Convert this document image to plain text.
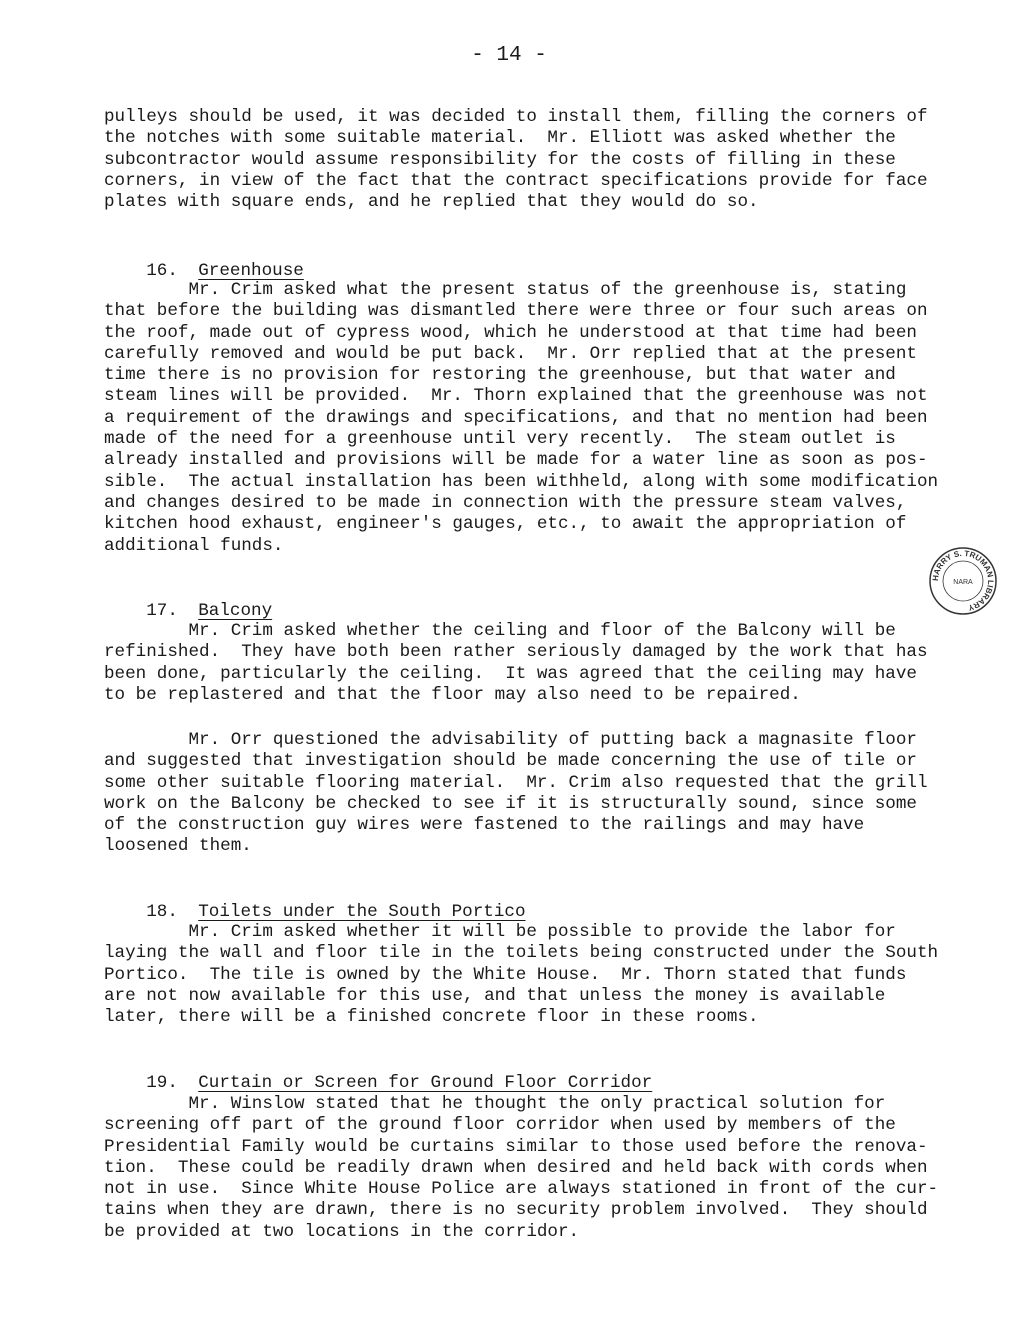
- 14 -
pulleys should be used, it was decided to install them, filling the corners of
the notches with some suitable material.  Mr. Elliott was asked whether the
subcontractor would assume responsibility for the costs of filling in these
corners, in view of the fact that the contract specifications provide for face
plates with square ends, and he replied that they would do so.

16. Greenhouse

Mr. Crim asked what the present status of the greenhouse is, stating
that before the building was dismantled there were three or four such areas on
the roof, made out of cypress wood, which he understood at that time had been
carefully removed and would be put back.  Mr. Orr replied that at the present
time there is no provision for restoring the greenhouse, but that water and
steam lines will be provided.  Mr. Thorn explained that the greenhouse was not
a requirement of the drawings and specifications, and that no mention had been
made of the need for a greenhouse until very recently.  The steam outlet is
already installed and provisions will be made for a water line as soon as pos-
sible.  The actual installation has been withheld, along with some modification
and changes desired to be made in connection with the pressure steam valves,
kitchen hood exhaust, engineer's gauges, etc., to await the appropriation of
additional funds.

17. Balcony

Mr. Crim asked whether the ceiling and floor of the Balcony will be
refinished.  They have both been rather seriously damaged by the work that has
been done, particularly the ceiling.  It was agreed that the ceiling may have
to be replastered and that the floor may also need to be repaired.
Mr. Orr questioned the advisability of putting back a magnasite floor
and suggested that investigation should be made concerning the use of tile or
some other suitable flooring material.  Mr. Crim also requested that the grill
work on the Balcony be checked to see if it is structurally sound, since some
of the construction guy wires were fastened to the railings and may have
loosened them.

18. Toilets under the South Portico

Mr. Crim asked whether it will be possible to provide the labor for
laying the wall and floor tile in the toilets being constructed under the South
Portico.  The tile is owned by the White House.  Mr. Thorn stated that funds
are not now available for this use, and that unless the money is available
later, there will be a finished concrete floor in these rooms.

19. Curtain or Screen for Ground Floor Corridor

Mr. Winslow stated that he thought the only practical solution for
screening off part of the ground floor corridor when used by members of the
Presidential Family would be curtains similar to those used before the renova-
tion.  These could be readily drawn when desired and held back with cords when
not in use.  Since White House Police are always stationed in front of the cur-
tains when they are drawn, there is no security problem involved.  They should
be provided at two locations in the corridor.
HARRY S. TRUMAN LIBRARY
NARA
